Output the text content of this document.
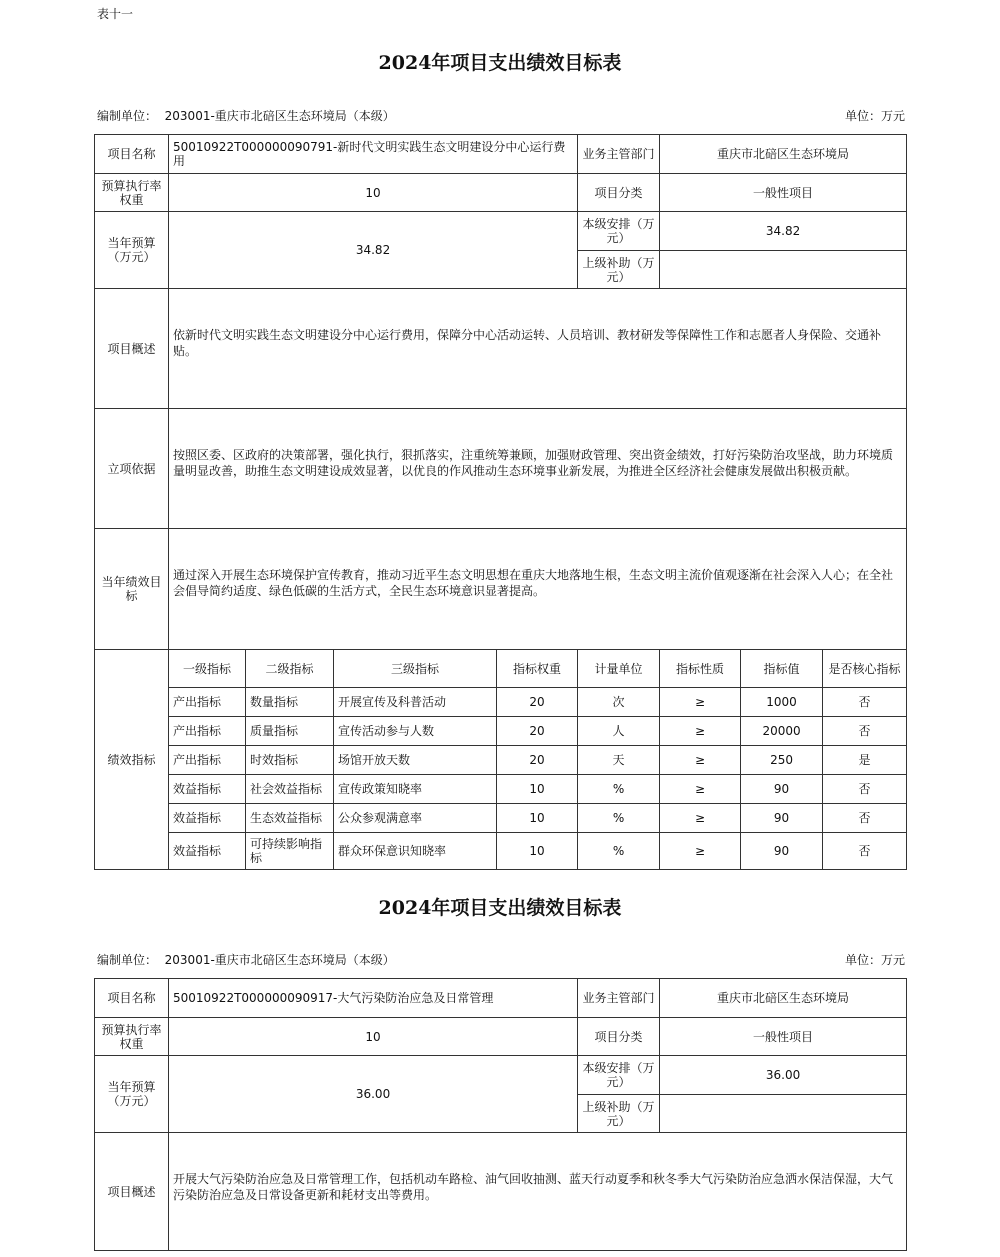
表十一
2024年项目支出绩效目标表
编制单位： 203001-重庆市北碚区生态环境局（本级）	单位：万元
项目名称	50010922T000000090791-新时代文明实践生态文明建设分中心运行费用				业务主管部门	重庆市北碚区生态环境局		
预算执行率权重	10				项目分类	一般性项目		
当年预算（万元）	34.82				本级安排（万元）	34.82		
					上级补助（万元）			
项目概述	依新时代文明实践生态文明建设分中心运行费用，保障分中心活动运转、人员培训、教材研发等保障性工作和志愿者人身保险、交通补贴。							
立项依据	按照区委、区政府的决策部署，强化执行，狠抓落实，注重统筹兼顾，加强财政管理、突出资金绩效，打好污染防治攻坚战，助力环境质量明显改善，助推生态文明建设成效显著，以优良的作风推动生态环境事业新发展，为推进全区经济社会健康发展做出积极贡献。							
当年绩效目标	通过深入开展生态环境保护宣传教育，推动习近平生态文明思想在重庆大地落地生根，生态文明主流价值观逐渐在社会深入人心；在全社会倡导简约适度、绿色低碳的生活方式，全民生态环境意识显著提高。							
绩效指标	一级指标	二级指标	三级指标	指标权重	计量单位	指标性质	指标值	是否核心指标
	产出指标	数量指标	开展宣传及科普活动	20	次	≥	1000	否
	产出指标	质量指标	宣传活动参与人数	20	人	≥	20000	否
	产出指标	时效指标	场馆开放天数	20	天	≥	250	是
	效益指标	社会效益指标	宣传政策知晓率	10	%	≥	90	否
	效益指标	生态效益指标	公众参观满意率	10	%	≥	90	否
	效益指标	可持续影响指标	群众环保意识知晓率	10	%	≥	90	否
2024年项目支出绩效目标表
编制单位： 203001-重庆市北碚区生态环境局（本级）	单位：万元
项目名称	50010922T000000090917-大气污染防治应急及日常管理	业务主管部门	重庆市北碚区生态环境局
预算执行率权重	10	项目分类	一般性项目
当年预算（万元）	36.00	本级安排（万元）	36.00
		上级补助（万元）	
项目概述	开展大气污染防治应急及日常管理工作，包括机动车路检、油气回收抽测、蓝天行动夏季和秋冬季大气污染防治应急洒水保洁保湿，大气污染防治应急及日常设备更新和耗材支出等费用。		
